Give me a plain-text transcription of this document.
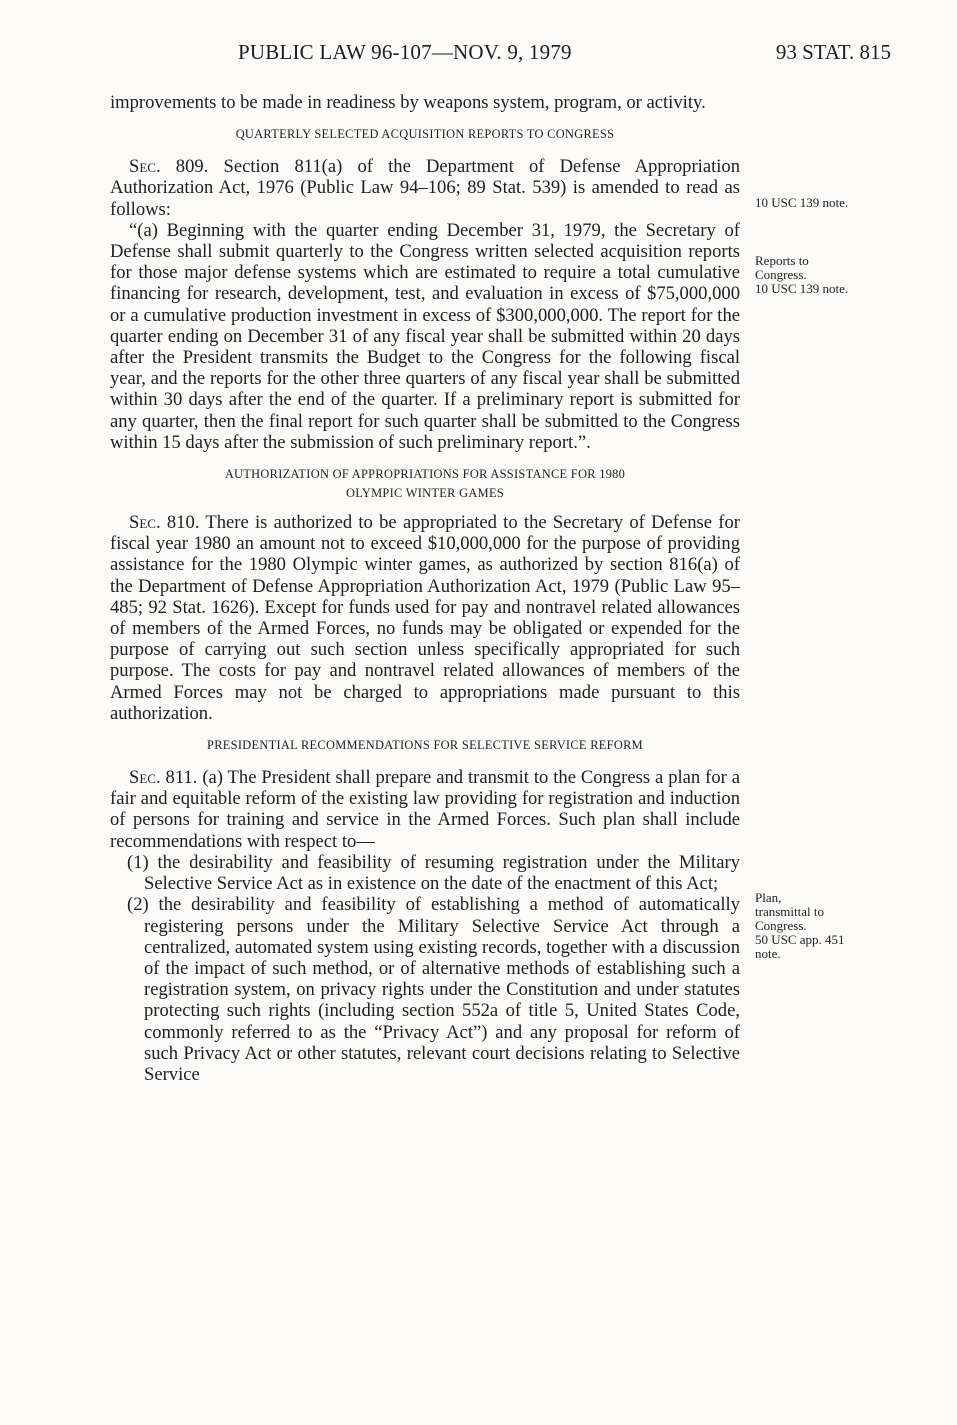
PUBLIC LAW 96-107—NOV. 9, 1979	93 STAT. 815

improvements to be made in readiness by weapons system, program, or activity.

QUARTERLY SELECTED ACQUISITION REPORTS TO CONGRESS

Sec. 809. Section 811(a) of the Department of Defense Appropriation Authorization Act, 1976 (Public Law 94–106; 89 Stat. 539) is amended to read as follows:

“(a) Beginning with the quarter ending December 31, 1979, the Secretary of Defense shall submit quarterly to the Congress written selected acquisition reports for those major defense systems which are estimated to require a total cumulative financing for research, development, test, and evaluation in excess of $75,000,000 or a cumulative production investment in excess of $300,000,000. The report for the quarter ending on December 31 of any fiscal year shall be submitted within 20 days after the President transmits the Budget to the Congress for the following fiscal year, and the reports for the other three quarters of any fiscal year shall be submitted within 30 days after the end of the quarter. If a preliminary report is submitted for any quarter, then the final report for such quarter shall be submitted to the Congress within 15 days after the submission of such preliminary report.”.

AUTHORIZATION OF APPROPRIATIONS FOR ASSISTANCE FOR 1980

OLYMPIC WINTER GAMES

Sec. 810. There is authorized to be appropriated to the Secretary of Defense for fiscal year 1980 an amount not to exceed $10,000,000 for the purpose of providing assistance for the 1980 Olympic winter games, as authorized by section 816(a) of the Department of Defense Appropriation Authorization Act, 1979 (Public Law 95–485; 92 Stat. 1626). Except for funds used for pay and nontravel related allowances of members of the Armed Forces, no funds may be obligated or expended for the purpose of carrying out such section unless specifically appropriated for such purpose. The costs for pay and nontravel related allowances of members of the Armed Forces may not be charged to appropriations made pursuant to this authorization.

PRESIDENTIAL RECOMMENDATIONS FOR SELECTIVE SERVICE REFORM

Sec. 811. (a) The President shall prepare and transmit to the Congress a plan for a fair and equitable reform of the existing law providing for registration and induction of persons for training and service in the Armed Forces. Such plan shall include recommendations with respect to—

(1) the desirability and feasibility of resuming registration under the Military Selective Service Act as in existence on the date of the enactment of this Act;

(2) the desirability and feasibility of establishing a method of automatically registering persons under the Military Selective Service Act through a centralized, automated system using existing records, together with a discussion of the impact of such method, or of alternative methods of establishing such a registration system, on privacy rights under the Constitution and under statutes protecting such rights (including section 552a of title 5, United States Code, commonly referred to as the “Privacy Act”) and any proposal for reform of such Privacy Act or other statutes, relevant court decisions relating to Selective Service

10 USC 139 note.
Reports to
Congress.
10 USC 139 note.
Plan,
transmittal to
Congress.
50 USC app. 451
note.
